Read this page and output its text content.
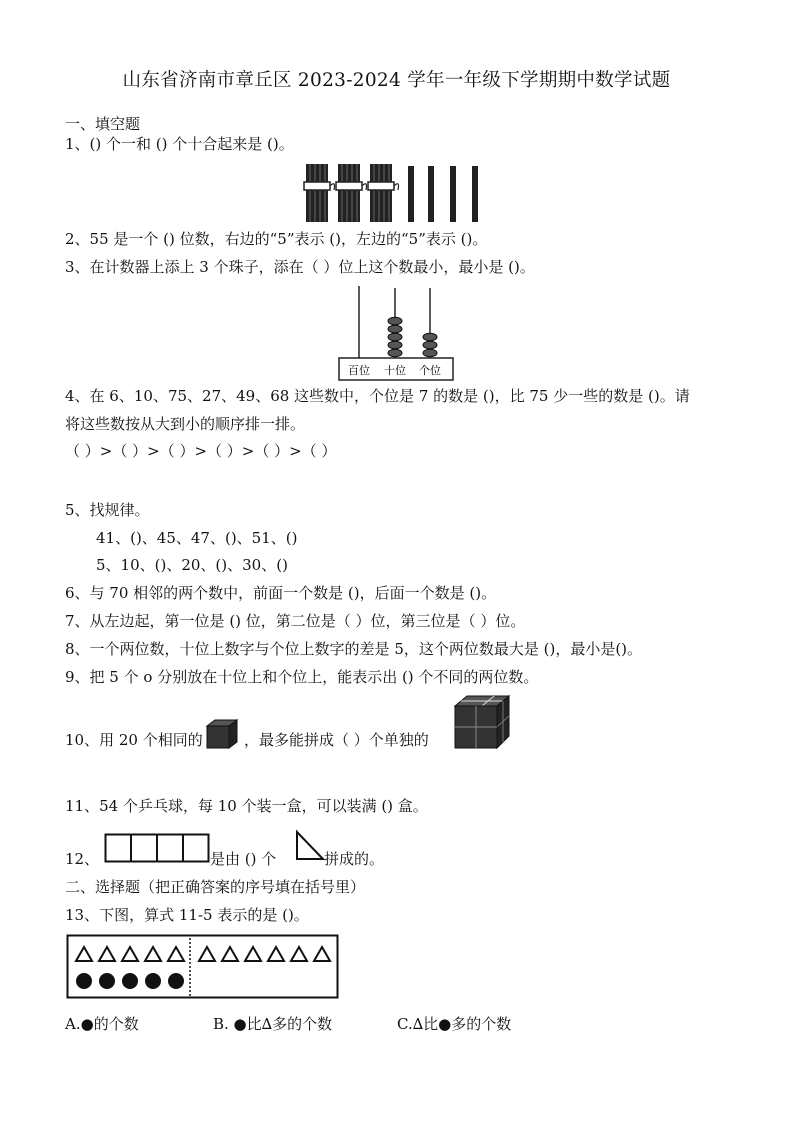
山东省济南市章丘区 2023-2024 学年一年级下学期期中数学试题
一、填空题
1、() 个一和 () 个十合起来是 ()。
2、55 是一个 () 位数，右边的“5”表示 ()，左边的“5”表示 ()。
3、在计数器上添上 3 个珠子，添在（ ）位上这个数最小，最小是 ()。
百位 十位 个位
4、在 6、10、75、27、49、68 这些数中，个位是 7 的数是 ()，比 75 少一些的数是 ()。请
将这些数按从大到小的顺序排一排。
（ ）>（ ）>（ ）>（ ）>（ ）>（ ）
5、找规律。
41、()、45、47、()、51、()
5、10、()、20、()、30、()
6、与 70 相邻的两个数中，前面一个数是 ()，后面一个数是 ()。
7、从左边起，第一位是 () 位，第二位是（ ）位，第三位是（ ）位。
8、一个两位数，十位上数字与个位上数字的差是 5，这个两位数最大是 ()，最小是()。
9、把 5 个 o 分别放在十位上和个位上，能表示出 () 个不同的两位数。
10、用 20 个相同的	，最多能拼成（ ）个单独的
11、54 个乒乓球，每 10 个装一盒，可以装满 () 盒。
12、	是由 () 个	拼成的。
二、选择题（把正确答案的序号填在括号里）
13、下图，算式 11-5 表示的是 ()。
A.●的个数	B. ●比∆多的个数	C.∆比●多的个数
